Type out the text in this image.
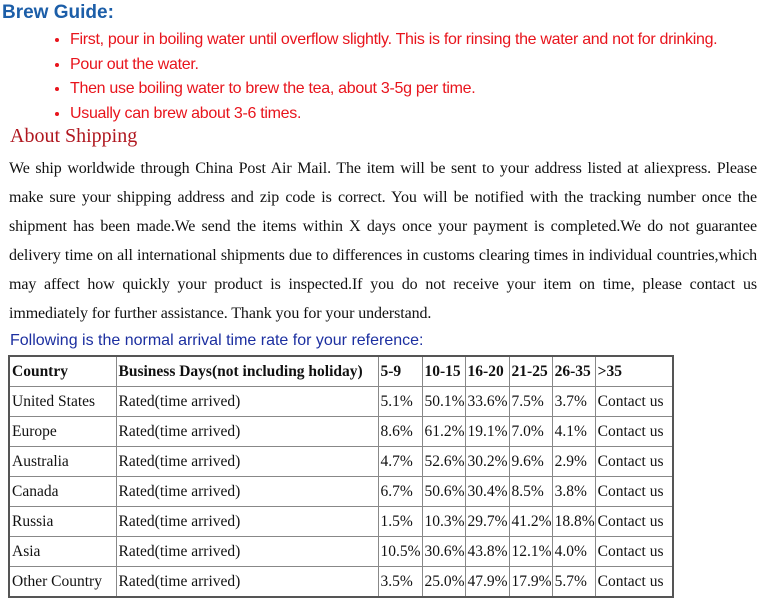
Brew Guide:
• First, pour in boiling water until overflow slightly. This is for rinsing the water and not for drinking.
• Pour out the water.
• Then use boiling water to brew the tea, about 3-5g per time.
• Usually can brew about 3-6 times.
About Shipping
We ship worldwide through China Post Air Mail. The item will be sent to your address listed at aliexpress. Please make sure your shipping address and zip code is correct. You will be notified with the tracking number once the shipment has been made.We send the items within X days once your payment is completed.We do not guarantee delivery time on all international shipments due to differences in customs clearing times in individual countries,which may affect how quickly your product is inspected.If you do not receive your item on time, please contact us immediately for further assistance. Thank you for your understand.
Following is the normal arrival time rate for your reference:
Country	Business Days(not including holiday)	5-9	10-15	16-20	21-25	26-35	>35
United States	Rated(time arrived)	5.1%	50.1%	33.6%	7.5%	3.7%	Contact us
Europe	Rated(time arrived)	8.6%	61.2%	19.1%	7.0%	4.1%	Contact us
Australia	Rated(time arrived)	4.7%	52.6%	30.2%	9.6%	2.9%	Contact us
Canada	Rated(time arrived)	6.7%	50.6%	30.4%	8.5%	3.8%	Contact us
Russia	Rated(time arrived)	1.5%	10.3%	29.7%	41.2%	18.8%	Contact us
Asia	Rated(time arrived)	10.5%	30.6%	43.8%	12.1%	4.0%	Contact us
Other Country	Rated(time arrived)	3.5%	25.0%	47.9%	17.9%	5.7%	Contact us
